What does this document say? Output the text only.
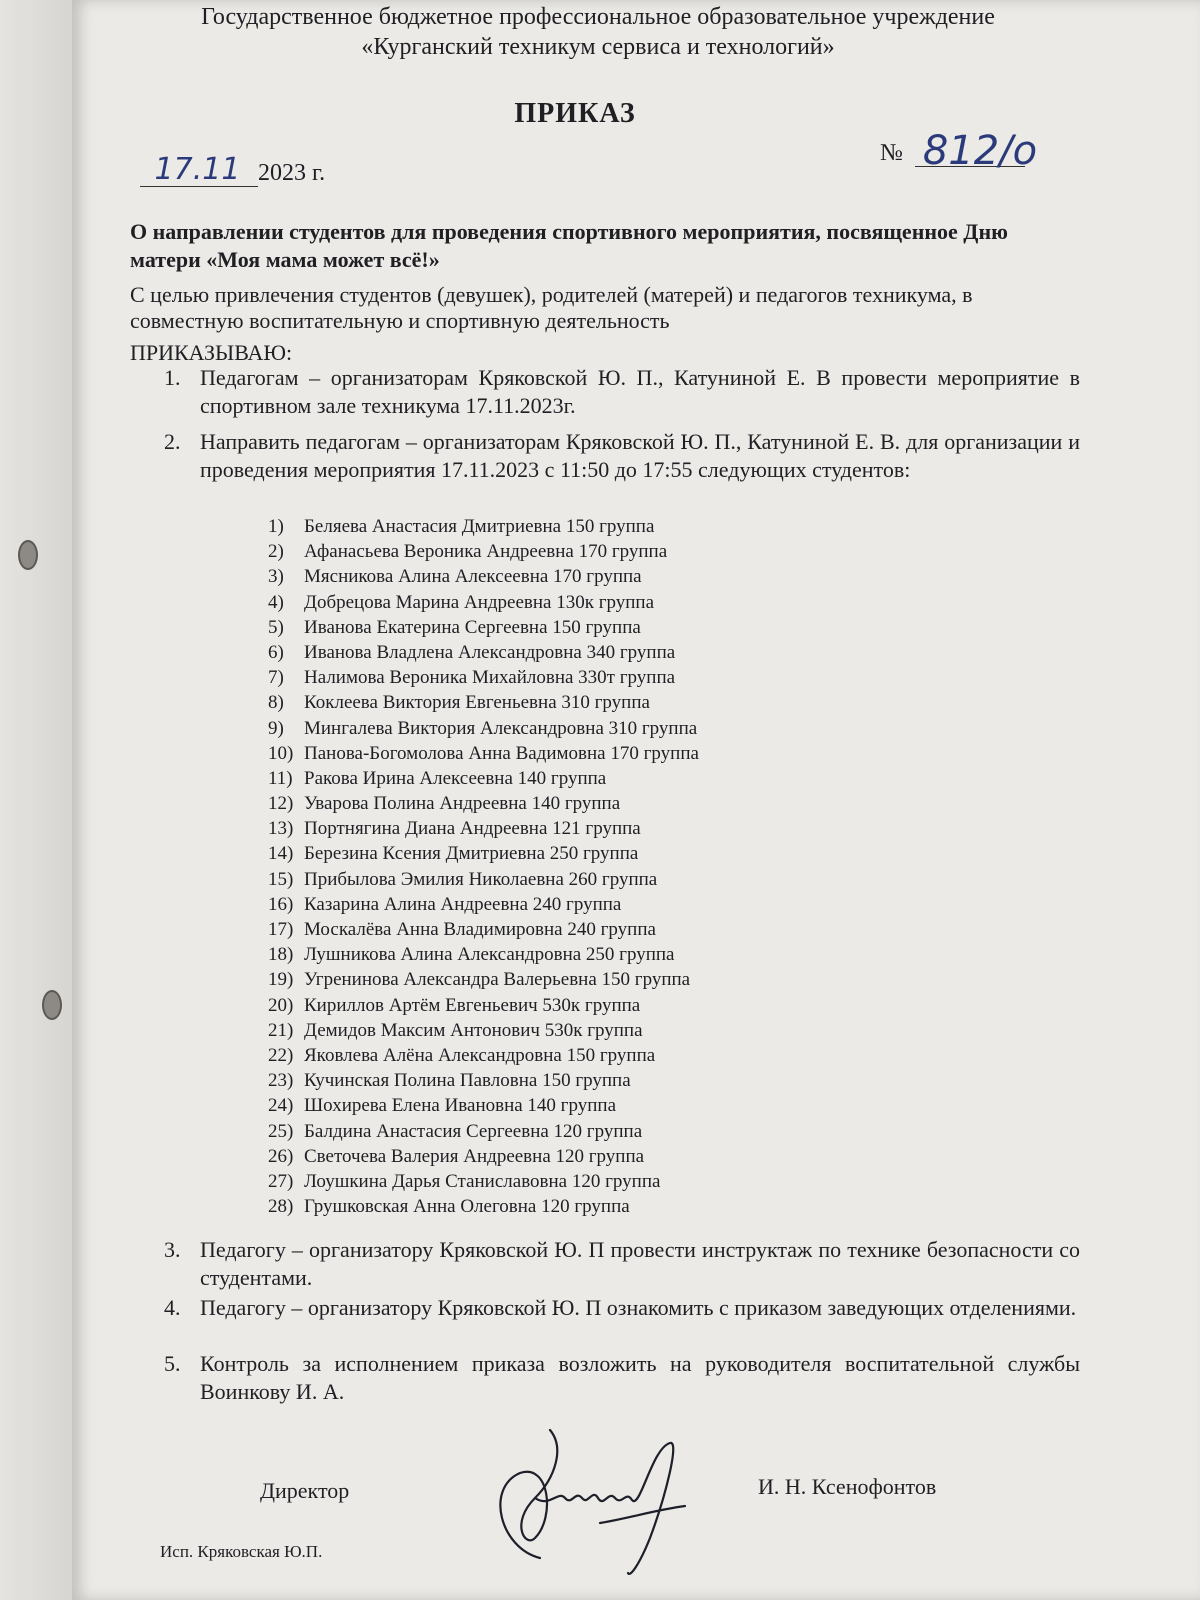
Государственное бюджетное профессиональное образовательное учреждение
«Курганский техникум сервиса и технологий»
ПРИКАЗ
17.11 2023 г.
№ 812/о
О направлении студентов для проведения спортивного мероприятия, посвященное Дню матери «Моя мама может всё!»
С целью привлечения студентов (девушек), родителей (матерей) и педагогов техникума, в совместную воспитательную и спортивную деятельность
ПРИКАЗЫВАЮ:
1. Педагогам – организаторам Кряковской Ю. П., Катуниной Е. В провести мероприятие в спортивном зале техникума 17.11.2023г.
2. Направить педагогам – организаторам Кряковской Ю. П., Катуниной Е. В. для организации и проведения мероприятия 17.11.2023 с 11:50 до 17:55 следующих студентов:
1) Беляева Анастасия Дмитриевна 150 группа
2) Афанасьева Вероника Андреевна 170 группа
3) Мясникова Алина Алексеевна 170 группа
4) Добрецова Марина Андреевна 130к группа
5) Иванова Екатерина Сергеевна 150 группа
6) Иванова Владлена Александровна 340 группа
7) Налимова Вероника Михайловна 330т группа
8) Коклеева Виктория Евгеньевна 310 группа
9) Мингалева Виктория Александровна 310 группа
10) Панова-Богомолова Анна Вадимовна 170 группа
11) Ракова Ирина Алексеевна 140 группа
12) Уварова Полина Андреевна 140 группа
13) Портнягина Диана Андреевна 121 группа
14) Березина Ксения Дмитриевна 250 группа
15) Прибылова Эмилия Николаевна 260 группа
16) Казарина Алина Андреевна 240 группа
17) Москалёва Анна Владимировна 240 группа
18) Лушникова Алина Александровна 250 группа
19) Угренинова Александра Валерьевна 150 группа
20) Кириллов Артём Евгеньевич 530к группа
21) Демидов Максим Антонович 530к группа
22) Яковлева Алёна Александровна 150 группа
23) Кучинская Полина Павловна 150 группа
24) Шохирева Елена Ивановна 140 группа
25) Балдина Анастасия Сергеевна 120 группа
26) Светочева Валерия Андреевна 120 группа
27) Лоушкина Дарья Станиславовна 120 группа
28) Грушковская Анна Олеговна 120 группа
3. Педагогу – организатору Кряковской Ю. П провести инструктаж по технике безопасности со студентами.
4. Педагогу – организатору Кряковской Ю. П ознакомить с приказом заведующих отделениями.
5. Контроль за исполнением приказа возложить на руководителя воспитательной службы Воинкову И. А.
Директор	И. Н. Ксенофонтов
Исп. Кряковская Ю.П.
